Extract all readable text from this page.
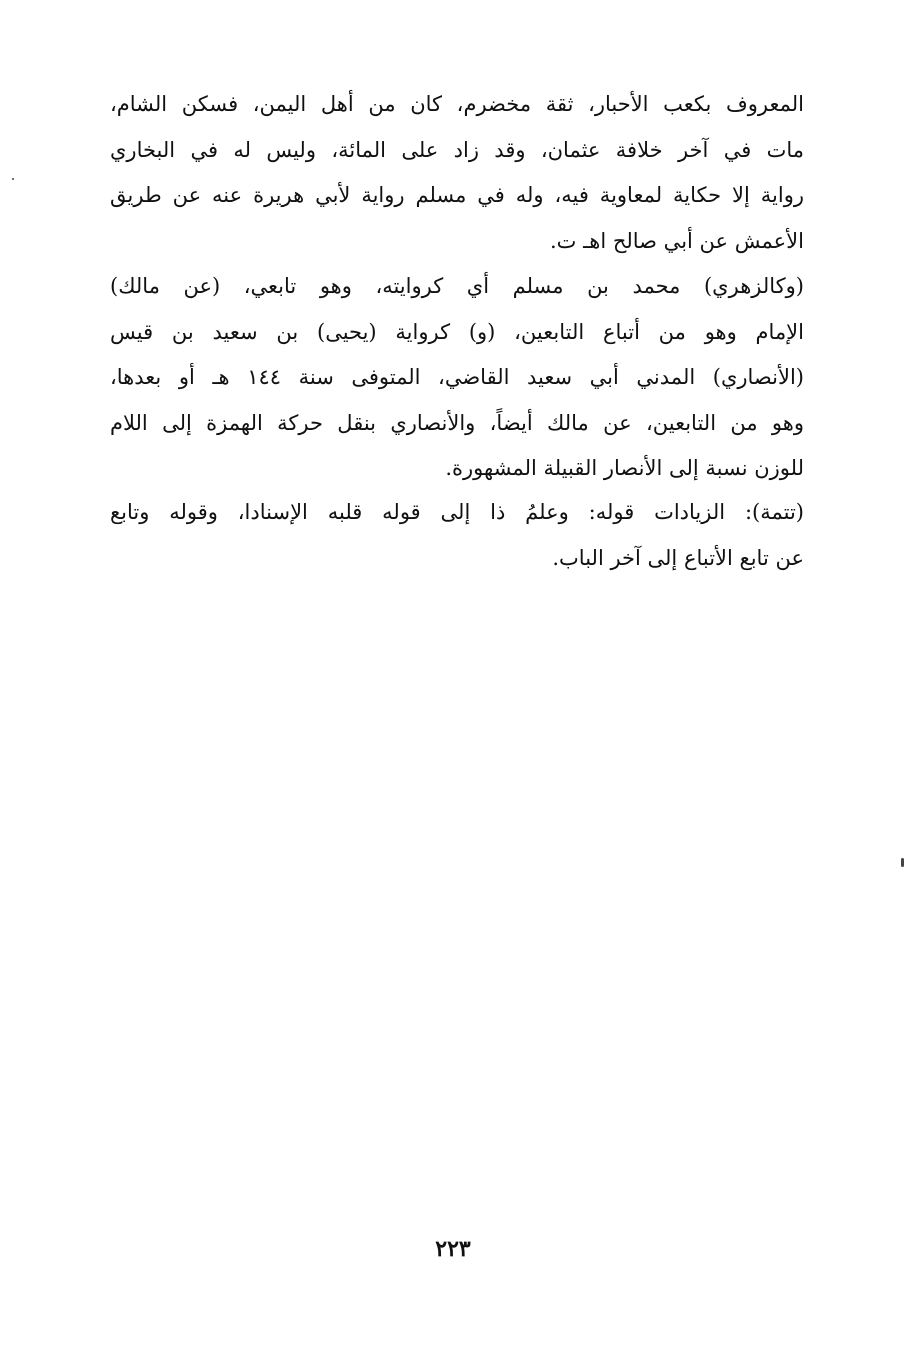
المعروف بكعب الأحبار، ثقة مخضرم، كان من أهل اليمن، فسكن الشام،
مات في آخر خلافة عثمان، وقد زاد على المائة، وليس له في البخاري
رواية إلا حكاية لمعاوية فيه، وله في مسلم رواية لأبي هريرة عنه عن طريق
الأعمش عن أبي صالح اهـ ت.
(وكالزهري) محمد بن مسلم أي كروايته، وهو تابعي، (عن مالك)
الإمام وهو من أتباع التابعين، (و) كرواية (يحيى) بن سعيد بن قيس
(الأنصاري) المدني أبي سعيد القاضي، المتوفى سنة ١٤٤ هـ أو بعدها،
وهو من التابعين، عن مالك أيضاً، والأنصاري بنقل حركة الهمزة إلى اللام
للوزن نسبة إلى الأنصار القبيلة المشهورة.
(تتمة): الزيادات قوله: وعلمُ ذا إلى قوله قلبه الإسنادا، وقوله وتابع
عن تابع الأتباع إلى آخر الباب.
٢٢٣
